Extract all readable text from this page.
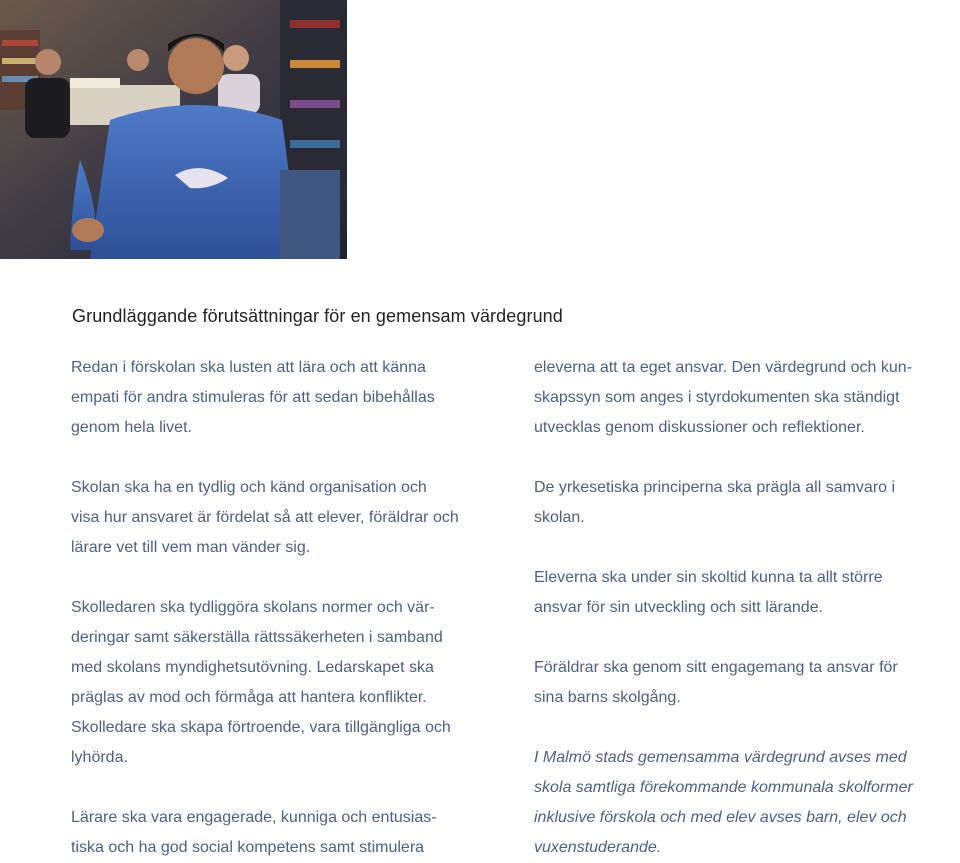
Grundläggande förutsättningar för en gemensam värdegrund

Redan i förskolan ska lusten att lära och att känna
empati för andra stimuleras för att sedan bibehållas
genom hela livet.

Skolan ska ha en tydlig och känd organisation och
visa hur ansvaret är fördelat så att elever, föräldrar och
lärare vet till vem man vänder sig.

Skolledaren ska tydliggöra skolans normer och vär-
deringar samt säkerställa rättssäkerheten i samband
med skolans myndighetsutövning. Ledarskapet ska
präglas av mod och förmåga att hantera konflikter.
Skolledare ska skapa förtroende, vara tillgängliga och
lyhörda.

Lärare ska vara engagerade, kunniga och entusias-
tiska och ha god social kompetens samt stimulera

eleverna att ta eget ansvar. Den värdegrund och kun-
skapssyn som anges i styrdokumenten ska ständigt
utvecklas genom diskussioner och reflektioner.

De yrkesetiska principerna ska prägla all samvaro i
skolan.

Eleverna ska under sin skoltid kunna ta allt större
ansvar för sin utveckling och sitt lärande.

Föräldrar ska genom sitt engagemang ta ansvar för
sina barns skolgång.

I Malmö stads gemensamma värdegrund avses med
skola samtliga förekommande kommunala skolformer
inklusive förskola och med elev avses barn, elev och
vuxenstuderande.
